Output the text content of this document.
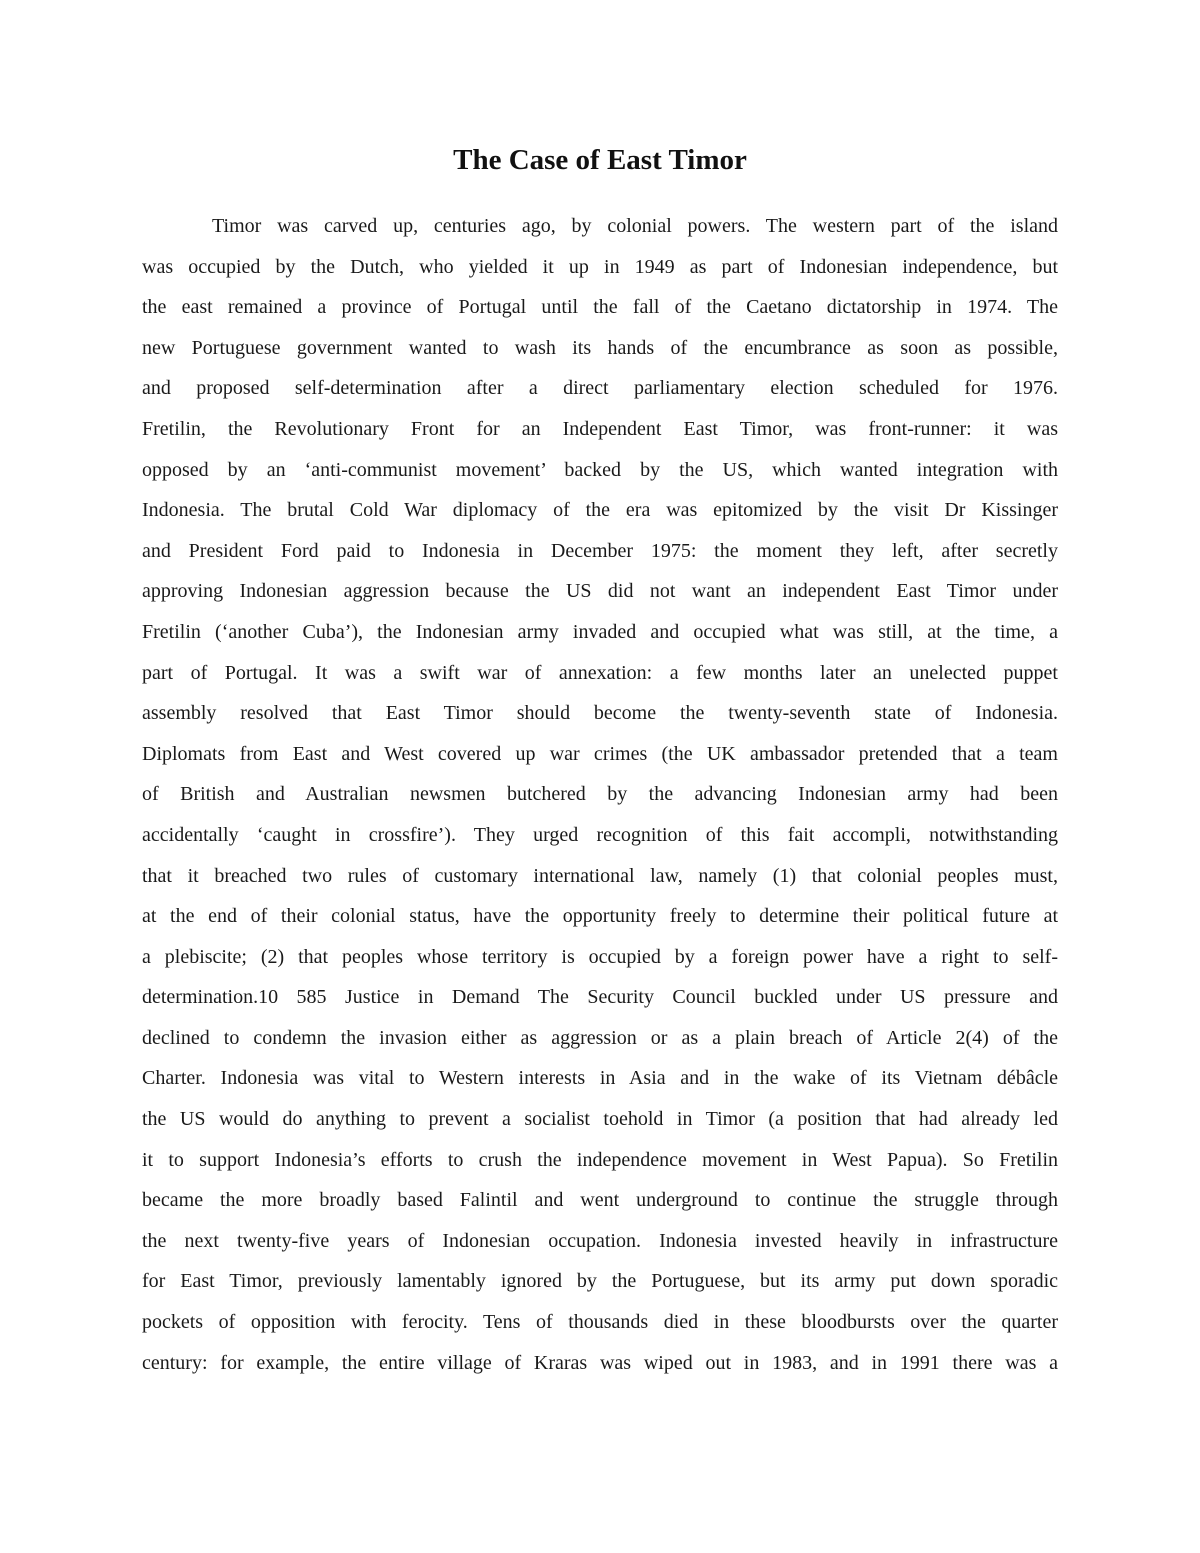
The Case of East Timor
Timor was carved up, centuries ago, by colonial powers. The western part of the island
was occupied by the Dutch, who yielded it up in 1949 as part of Indonesian independence, but
the east remained a province of Portugal until the fall of the Caetano dictatorship in 1974. The
new Portuguese government wanted to wash its hands of the encumbrance as soon as possible,
and proposed self-determination after a direct parliamentary election scheduled for 1976.
Fretilin, the Revolutionary Front for an Independent East Timor, was front-runner: it was
opposed by an ‘anti-communist movement’ backed by the US, which wanted integration with
Indonesia. The brutal Cold War diplomacy of the era was epitomized by the visit Dr Kissinger
and President Ford paid to Indonesia in December 1975: the moment they left, after secretly
approving Indonesian aggression because the US did not want an independent East Timor under
Fretilin (‘another Cuba’), the Indonesian army invaded and occupied what was still, at the time, a
part of Portugal. It was a swift war of annexation: a few months later an unelected puppet
assembly resolved that East Timor should become the twenty-seventh state of Indonesia.
Diplomats from East and West covered up war crimes (the UK ambassador pretended that a team
of British and Australian newsmen butchered by the advancing Indonesian army had been
accidentally ‘caught in crossfire’). They urged recognition of this fait accompli, notwithstanding
that it breached two rules of customary international law, namely (1) that colonial peoples must,
at the end of their colonial status, have the opportunity freely to determine their political future at
a plebiscite; (2) that peoples whose territory is occupied by a foreign power have a right to self-
determination.10 585 Justice in Demand The Security Council buckled under US pressure and
declined to condemn the invasion either as aggression or as a plain breach of Article 2(4) of the
Charter. Indonesia was vital to Western interests in Asia and in the wake of its Vietnam débâcle
the US would do anything to prevent a socialist toehold in Timor (a position that had already led
it to support Indonesia’s efforts to crush the independence movement in West Papua). So Fretilin
became the more broadly based Falintil and went underground to continue the struggle through
the next twenty-five years of Indonesian occupation. Indonesia invested heavily in infrastructure
for East Timor, previously lamentably ignored by the Portuguese, but its army put down sporadic
pockets of opposition with ferocity. Tens of thousands died in these bloodbursts over the quarter
century: for example, the entire village of Kraras was wiped out in 1983, and in 1991 there was a
